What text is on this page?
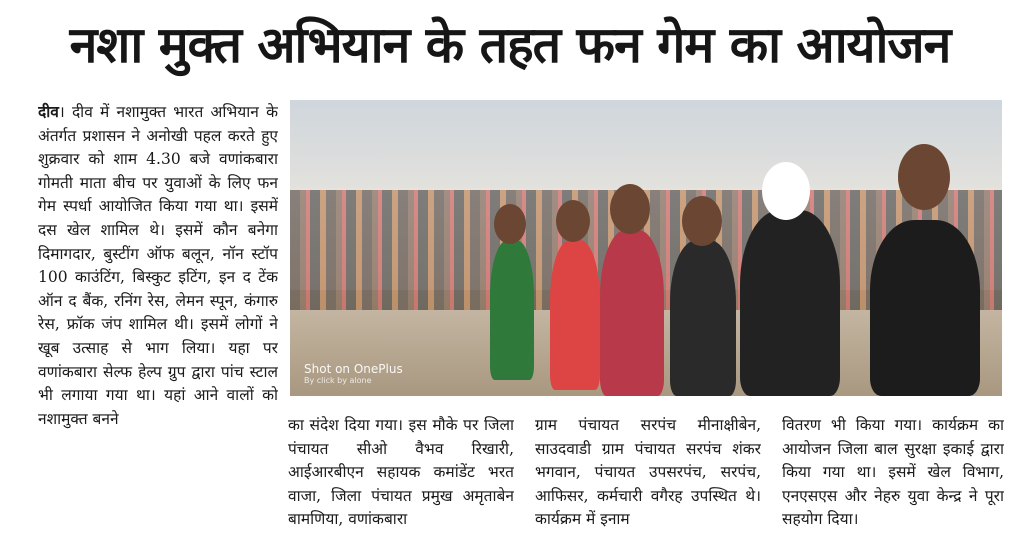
नशा मुक्त अभियान के तहत फन गेम का आयोजन
दीव। दीव में नशामुक्त भारत अभियान के अंतर्गत प्रशासन ने अनोखी पहल करते हुए शुक्रवार को शाम 4.30 बजे वणांकबारा गोमती माता बीच पर युवाओं के लिए फन गेम स्पर्धा आयोजित किया गया था। इसमें दस खेल शामिल थे। इसमें कौन बनेगा दिमागदार, बुस्टींग ऑफ बलून, नॉन स्टॉप 100 काउंटिंग, बिस्कुट इटिंग, इन द टेंक ऑन द बैंक, रनिंग रेस, लेमन स्पून, कंगारु रेस, फ्रॉक जंप शामिल थी। इसमें लोगों ने खूब उत्साह से भाग लिया। यहा पर वणांकबारा सेल्फ हेल्प ग्रुप द्वारा पांच स्टाल भी लगाया गया था। यहां आने वालों को नशामुक्त बनने
Shot on OnePlus
By click by alone
का संदेश दिया गया। इस मौके पर जिला पंचायत सीओ वैभव रिखारी, आईआरबीएन सहायक कमांडेंट भरत वाजा, जिला पंचायत प्रमुख अमृताबेन बामणिया, वणांकबारा
ग्राम पंचायत सरपंच मीनाक्षीबेन, साउदवाडी ग्राम पंचायत सरपंच शंकर भगवान, पंचायत उपसरपंच, सरपंच, आफिसर, कर्मचारी वगैरह उपस्थित थे। कार्यक्रम में इनाम
वितरण भी किया गया। कार्यक्रम का आयोजन जिला बाल सुरक्षा इकाई द्वारा किया गया था। इसमें खेल विभाग, एनएसएस और नेहरु युवा केन्द्र ने पूरा सहयोग दिया।
